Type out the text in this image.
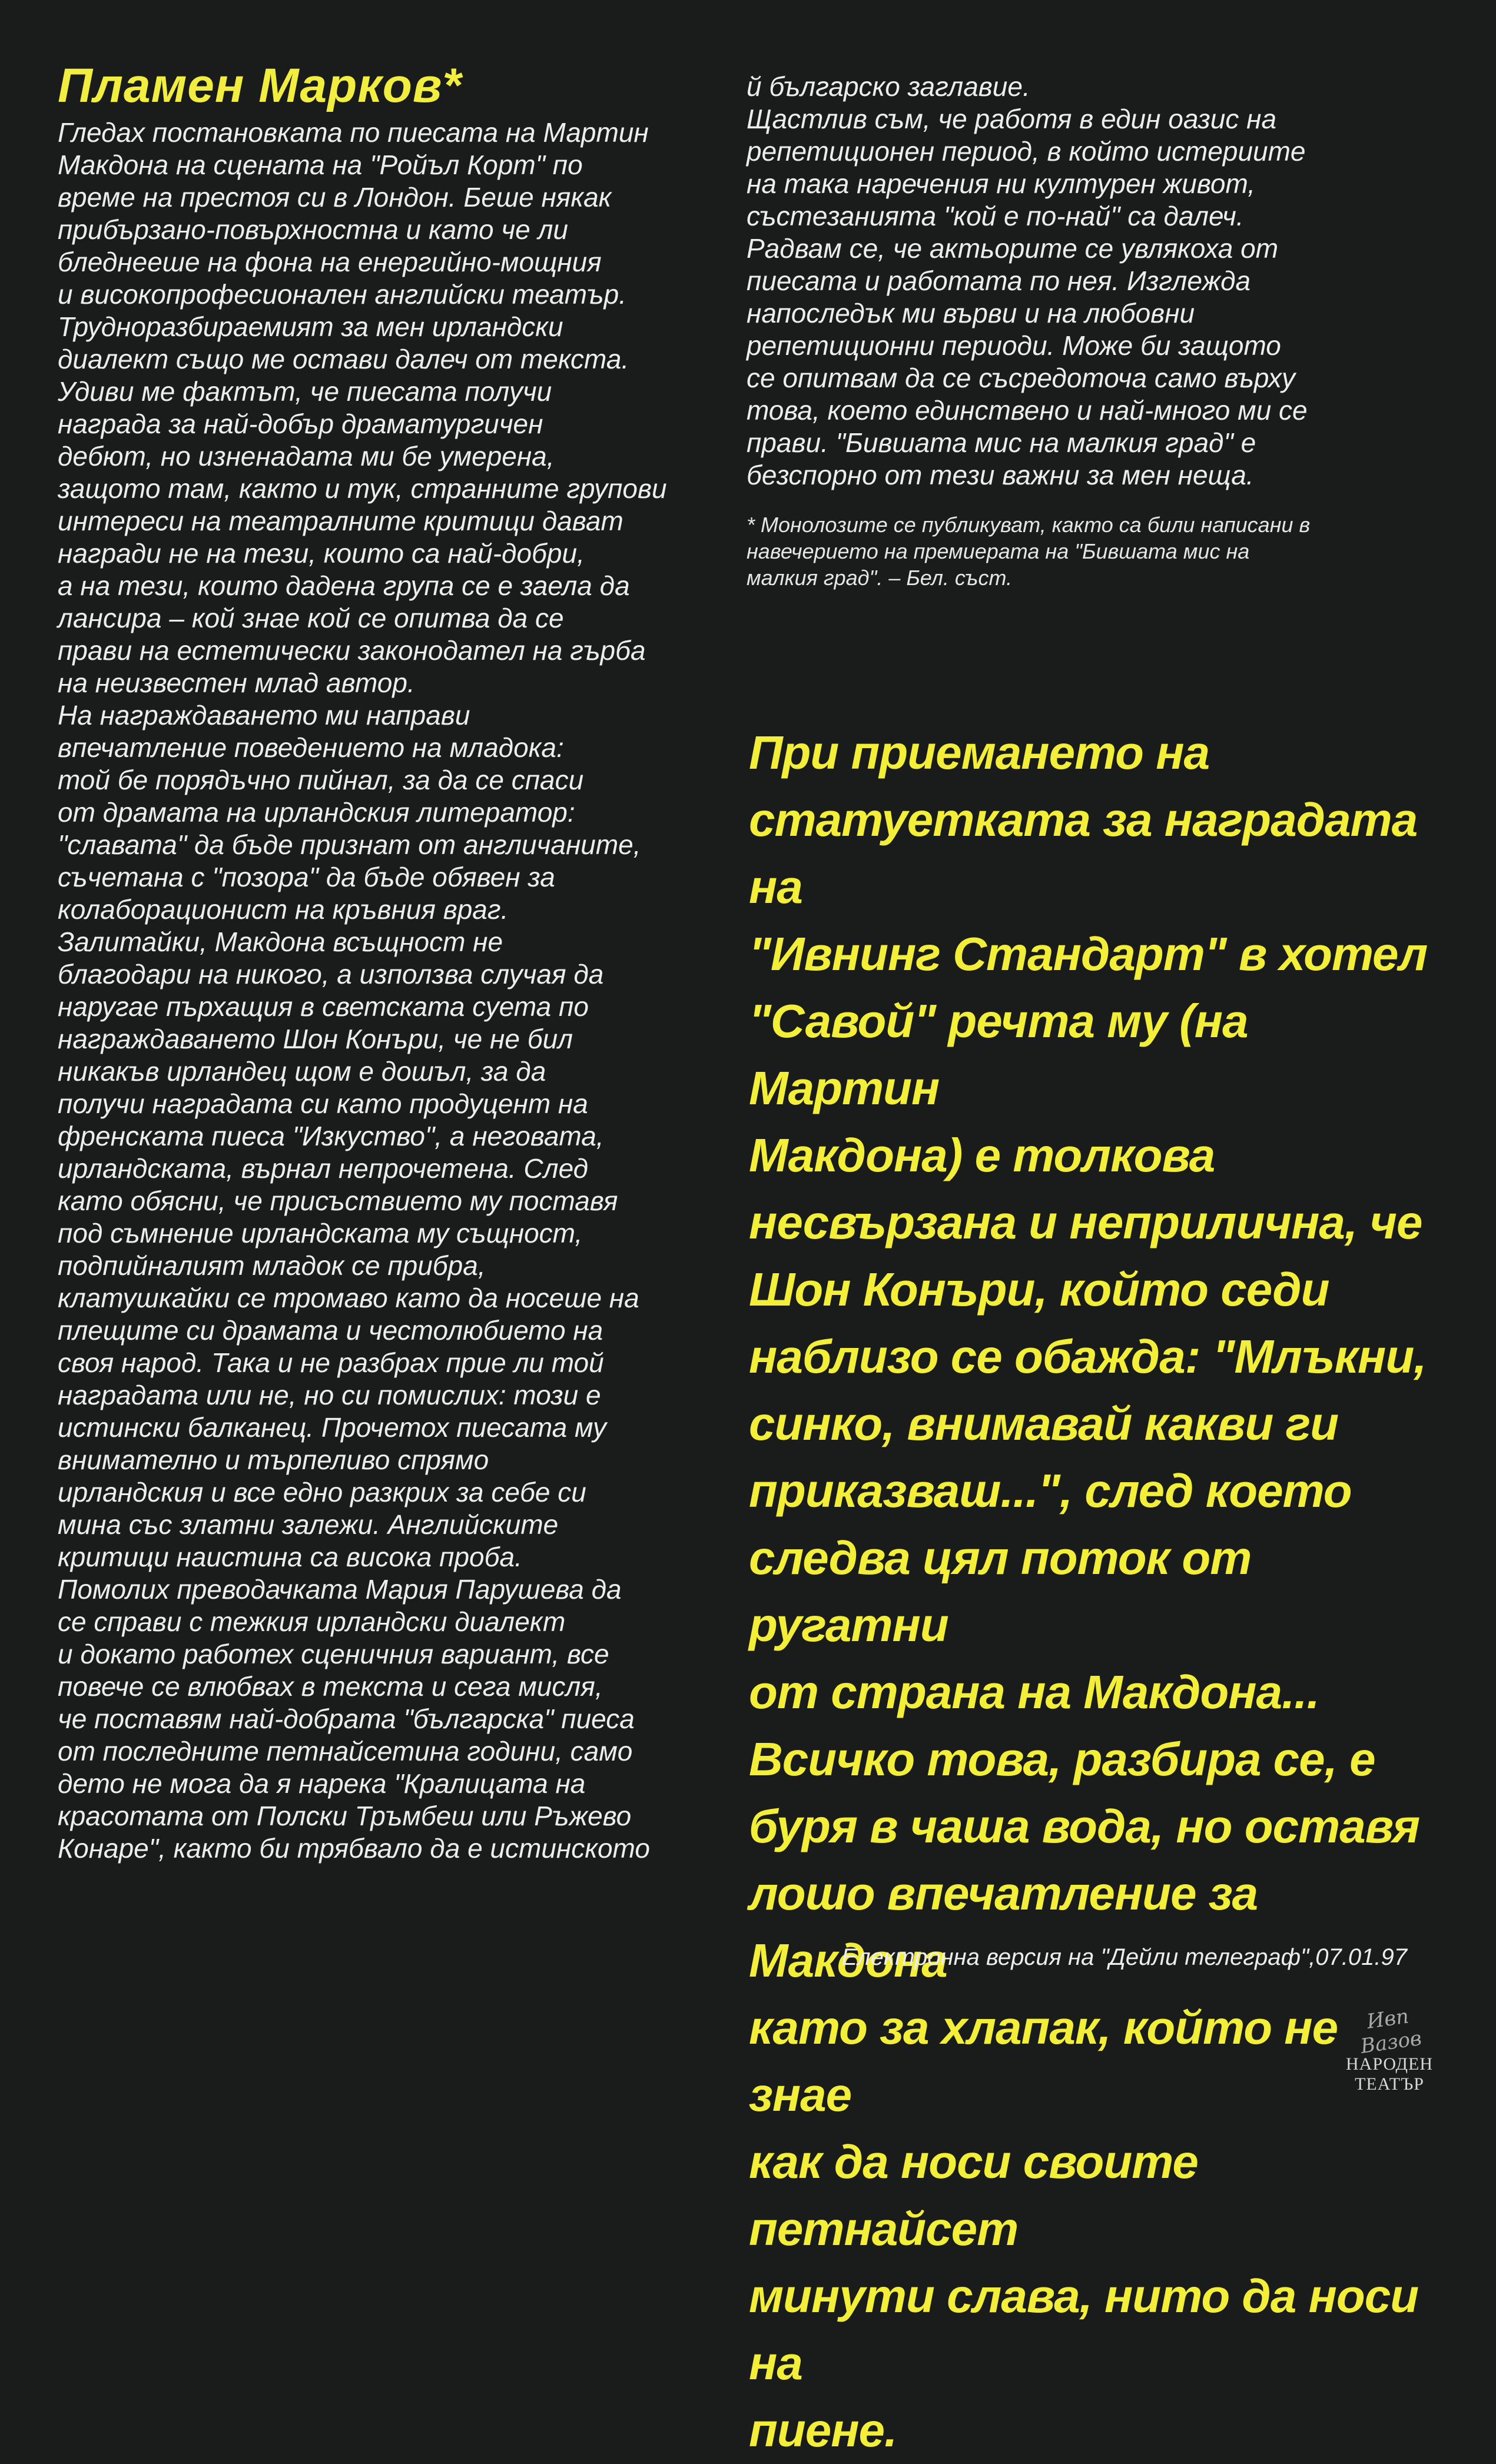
Пламен Марков*

Гледах постановката по пиесата на Мартин
Макдона на сцената на "Ройъл Корт" по
време на престоя си в Лондон. Беше някак
прибързано-повърхностна и като че ли
бледнееше на фона на енергийно-мощния
и високопрофесионален английски театър.
Трудноразбираемият за мен ирландски
диалект също ме остави далеч от текста.
Удиви ме фактът, че пиесата получи
награда за най-добър драматургичен
дебют, но изненадата ми бе умерена,
защото там, както и тук, странните групови
интереси на театралните критици дават
награди не на тези, които са най-добри,
а на тези, които дадена група се е заела да
лансира – кой знае кой се опитва да се
прави на естетически законодател на гърба
на неизвестен млад автор.
На награждаването ми направи
впечатление поведението на младока:
той бе порядъчно пийнал, за да се спаси
от драмата на ирландския литератор:
"славата" да бъде признат от англичаните,
съчетана с "позора" да бъде обявен за
колаборационист на кръвния враг.
Залитайки, Макдона всъщност не
благодари на никого, а използва случая да
наругае пърхащия в светската суета по
награждаването Шон Конъри, че не бил
никакъв ирландец щом е дошъл, за да
получи наградата си като продуцент на
френската пиеса "Изкуство", а неговата,
ирландската, върнал непрочетена. След
като обясни, че присъствието му поставя
под съмнение ирландската му същност,
подпийналият младок се прибра,
клатушкайки се тромаво като да носеше на
плещите си драмата и честолюбието на
своя народ. Така и не разбрах прие ли той
наградата или не, но си помислих: този е
истински балканец. Прочетох пиесата му
внимателно и търпеливо спрямо
ирландския и все едно разкрих за себе си
мина със златни залежи. Английските
критици наистина са висока проба.
Помолих преводачката Мария Парушева да
се справи с тежкия ирландски диалект
и докато работех сценичния вариант, все
повече се влюбвах в текста и сега мисля,
че поставям най-добрата "българска" пиеса
от последните петнайсетина години, само
дето не мога да я нарека "Кралицата на
красотата от Полски Тръмбеш или Ръжево
Конаре", както би трябвало да е истинското

й българско заглавие.
Щастлив съм, че работя в един оазис на
репетиционен период, в който истериите
на така наречения ни културен живот,
състезанията "кой е по-най" са далеч.
Радвам се, че актьорите се увлякоха от
пиесата и работата по нея. Изглежда
напоследък ми върви и на любовни
репетиционни периоди. Може би защото
се опитвам да се съсредоточа само върху
това, което единствено и най-много ми се
прави. "Бившата мис на малкия град" е
безспорно от тези важни за мен неща.

* Монолозите се публикуват, както са били написани в
навечерието на премиерата на "Бившата мис на
малкия град". – Бел. съст.

При приемането на
статуетката за наградата на
"Ивнинг Стандарт" в хотел
"Савой" речта му (на Мартин
Макдона) е толкова
несвързана и неприлична, че
Шон Конъри, който седи
наблизо се обажда: "Млъкни,
синко, внимавай какви ги
приказваш...", след което
следва цял поток от ругатни
от страна на Макдона...
Всичко това, разбира се, е
буря в чаша вода, но оставя
лошо впечатление за Макдона
като за хлапак, който не знае
как да носи своите петнайсет
минути слава, нито да носи на
пиене.

Електронна версия на "Дейли телеграф",07.01.97
Ивп Вазов
НАРОДЕН
ТЕАТЪР
